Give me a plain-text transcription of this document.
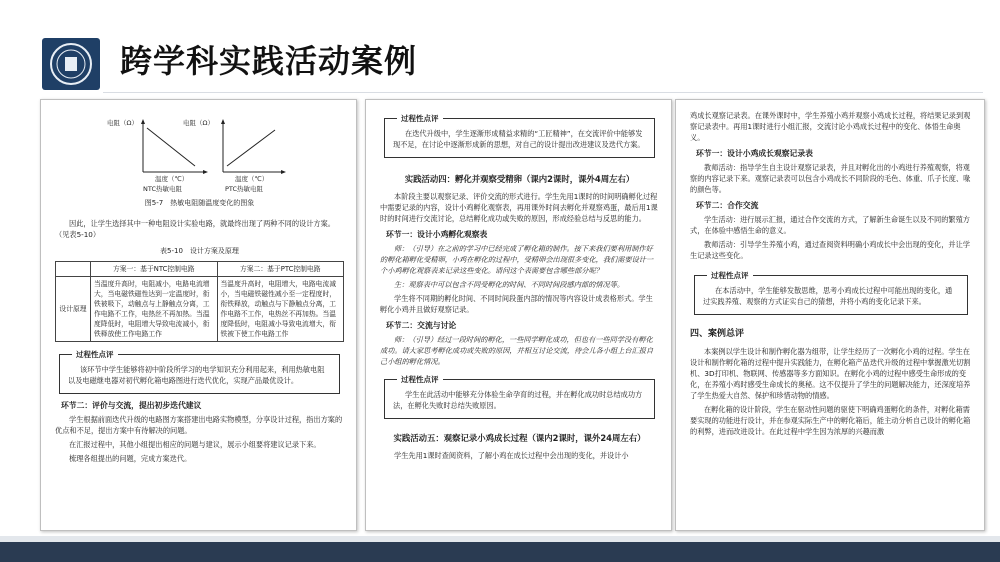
跨学科实践活动案例
电阻（Ω）
温度（℃）
NTC热敏电阻
电阻（Ω）
温度（℃）
PTC热敏电阻
图5-7　热敏电阻随温度变化的图象

因此，让学生选择其中一种电阻设计实验电路，就最终出现了两种不同的设计方案。（见表5-10）

表5-10　设计方案及原理
	方案一：基于NTC控制电路	方案二：基于PTC控制电路
设计原理	当温度升高时，电阻减小，电路电流增大，当电磁铁磁性达到一定温度时，衔铁被吸下，动触点与上静触点分离，工作电路不工作，电热丝不再加热。当温度降低时，电阻增大导致电流减小，衔铁释放使工作电路工作	当温度升高时，电阻增大，电路电流减小，当电磁铁磁性减小至一定程度时，衔铁释放，动触点与下静触点分离，工作电路不工作，电热丝不再加热。当温度降低时，电阻减小导致电流增大，衔铁被下使工作电路工作
过程性点评

该环节中学生能够将初中阶段所学习的电学知识充分利用起来，利用热敏电阻以及电磁继电器对初代孵化箱电路图进行迭代优化，实现产品最优设计。

环节二：评价与交流，提出初步迭代建议

学生根据前面迭代升级的电路图方案搭建出电路实物模型，分享设计过程，指出方案的优点和不足，提出方案中有待解决的问题。

在汇报过程中，其他小组提出相应的问题与建议，展示小组要将建议记录下来。

梳理各组提出的问题，完成方案迭代。

过程性点评

在迭代升级中，学生逐渐形成精益求精的“工匠精神”，在交流评价中能够发现不足，在讨论中逐渐形成新的思想，对自己的设计提出改进建议及迭代方案。

实践活动四：孵化并观察受精卵（课内2课时，课外4周左右）

本阶段主要以观察记录、评价交流的形式进行。学生先用1课时的时间明确孵化过程中需要记录的内容，设计小鸡孵化观察表，再用课外时间去孵化并观察鸡蛋，最后用1课时的时间进行交流讨论，总结孵化成功或失败的原因，形成经验总结与反思的能力。

环节一：设计小鸡孵化观察表

师：（引导）在之前的学习中已经完成了孵化箱的制作。接下来我们要利用制作好的孵化箱孵化受精卵，小鸡在孵化的过程中，受精卵会出现很多变化，我们需要设计一个小鸡孵化观察表来记录这些变化。请问这个表需要包含哪些部分呢？

生：观察表中可以包含不同受孵化的时间、不同时间段感内部的情况等。

学生将不同期的孵化时间、不同时间段蛋内部的情况等内容设计成表格形式。学生孵化小鸡并且做好观察记录。

环节二：交流与讨论

师：（引导）经过一段时间的孵化，一些同学孵化成功，但也有一些同学没有孵化成功。请大家思考孵化成功或失败的原因，并相互讨论交流，待会儿各小组上台汇报自己小组的孵化情况。

过程性点评

学生在此活动中能够充分体验生命孕育的过程，并在孵化成功时总结成功方法，在孵化失败时总结失败原因。

实践活动五：观察记录小鸡成长过程（课内2课时，课外24周左右）

学生先用1课时查阅资料，了解小鸡在成长过程中会出现的变化，并设计小

鸡成长观察记录表。在课外课时中，学生养殖小鸡并观察小鸡成长过程，将结果记录到观察记录表中。再用1课时进行小组汇报，交流讨论小鸡成长过程中的变化、体悟生命奥义。

环节一：设计小鸡成长观察记录表

教师活动：指导学生自主设计观察记录表，并且对孵化出的小鸡进行养殖观察，将观察的内容记录下来。观察记录表可以包含小鸡成长不同阶段的毛色、体重、爪子长度、喙的颜色等。

环节二：合作交流

学生活动：进行展示汇报，通过合作交流的方式，了解新生命诞生以及不同的繁殖方式，在体验中感悟生命的意义。

教师活动：引导学生养殖小鸡，通过查阅资料明确小鸡成长中会出现的变化，并让学生记录这些变化。

过程性点评

在本活动中，学生能够发散思维，思考小鸡成长过程中可能出现的变化，通过实践养殖、观察的方式证实自己的猜想，并将小鸡的变化记录下来。

四、案例总评

本案例以学生设计和制作孵化器为组带，让学生经历了一次孵化小鸡的过程。学生在设计和制作孵化箱的过程中提升实践能力，在孵化箱产品迭代升级的过程中掌握激光切割机、3D打印机、物联网、传感器等多方面知识。在孵化小鸡的过程中感受生命形成的变化，在养殖小鸡时感受生命成长的奥秘。这不仅提升了学生的问题解决能力，还深度培养了学生热爱大自然、保护和珍惜动物的情感。

在孵化箱的设计阶段，学生在驱动性问题的驱使下明确鸡蛋孵化的条件，对孵化箱需要实现的功能进行设计，并在参观实际生产中的孵化箱后，能主动分析自己设计的孵化箱的利弊，进而改进设计。在此过程中学生因为浓厚的兴趣而激
